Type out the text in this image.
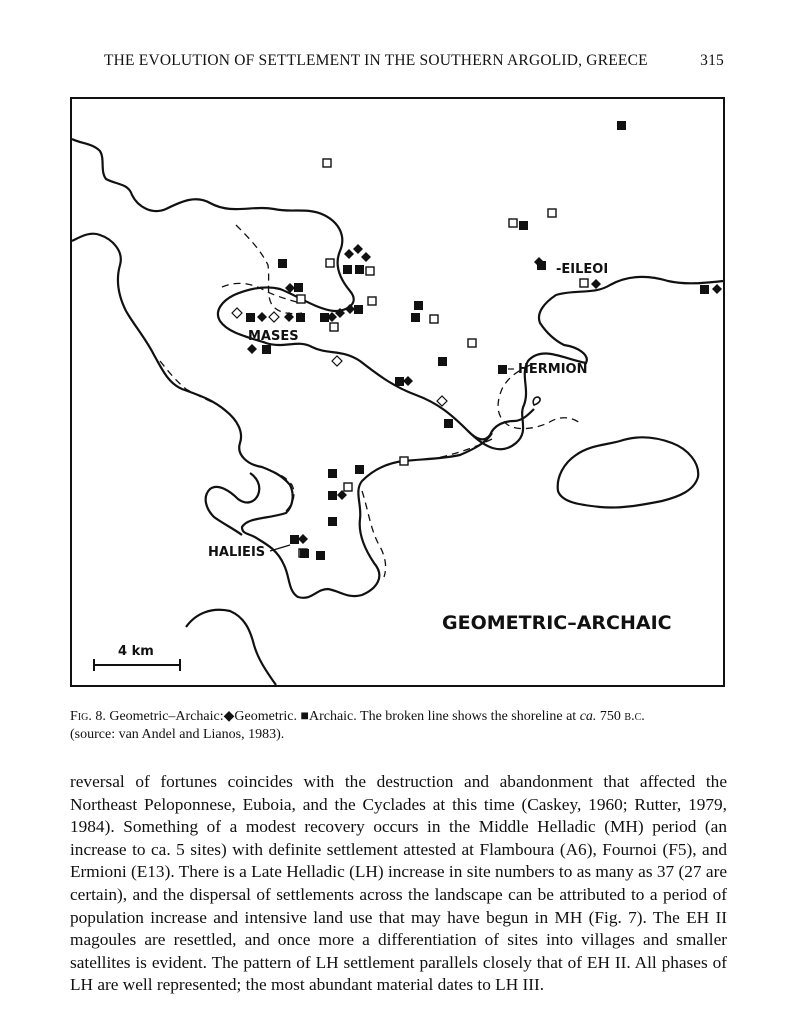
THE EVOLUTION OF SETTLEMENT IN THE SOUTHERN ARGOLID, GREECE	315
-EILEOI
MASES
HERMION
HALIEIS
GEOMETRIC–ARCHAIC
4 km
Fig. 8. Geometric–Archaic:◆Geometric. ■Archaic. The broken line shows the shoreline at ca. 750 b.c.
(source: van Andel and Lianos, 1983).

reversal of fortunes coincides with the destruction and abandonment that affected the Northeast Peloponnese, Euboia, and the Cyclades at this time (Caskey, 1960; Rutter, 1979, 1984). Something of a modest recovery occurs in the Middle Helladic (MH) period (an increase to ca. 5 sites) with definite settlement attested at Flamboura (A6), Fournoi (F5), and Ermioni (E13). There is a Late Helladic (LH) increase in site numbers to as many as 37 (27 are certain), and the dispersal of settlements across the landscape can be attributed to a period of population increase and intensive land use that may have begun in MH (Fig. 7). The EH II magoules are resettled, and once more a differentiation of sites into villages and smaller satellites is evident. The pattern of LH settlement parallels closely that of EH II. All phases of LH are well represented; the most abundant material dates to LH III.
